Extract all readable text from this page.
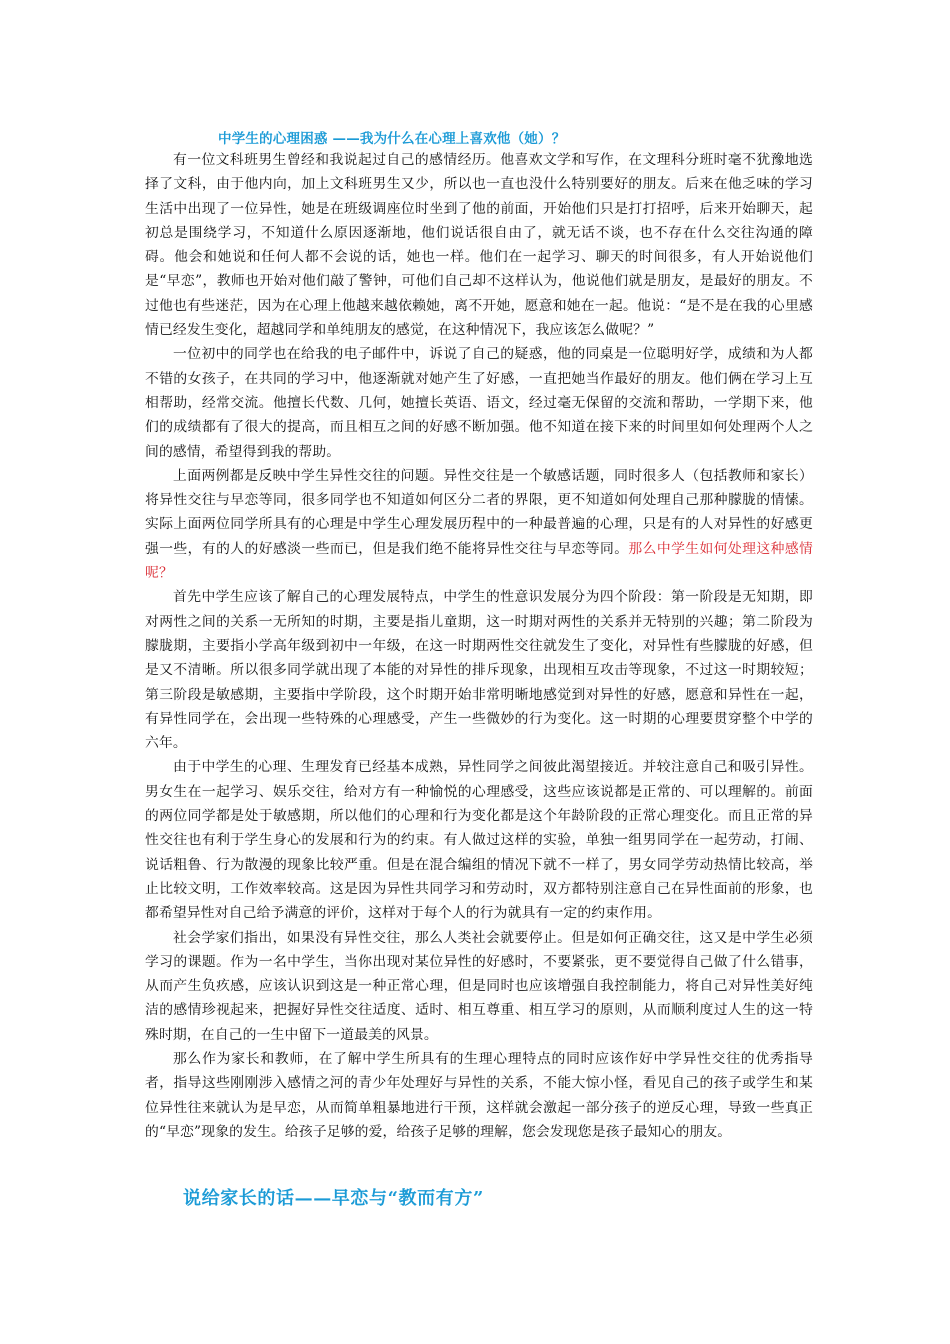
中学生的心理困惑 ——我为什么在心理上喜欢他（她）？

有一位文科班男生曾经和我说起过自己的感情经历。他喜欢文学和写作，在文理科分班时毫不犹豫地选择了文科，由于他内向，加上文科班男生又少，所以也一直也没什么特别要好的朋友。后来在他乏味的学习生活中出现了一位异性，她是在班级调座位时坐到了他的前面，开始他们只是打打招呼，后来开始聊天，起初总是围绕学习，不知道什么原因逐渐地，他们说话很自由了，就无话不谈，也不存在什么交往沟通的障碍。他会和她说和任何人都不会说的话，她也一样。他们在一起学习、聊天的时间很多，有人开始说他们是“早恋”，教师也开始对他们敲了警钟，可他们自己却不这样认为，他说他们就是朋友，是最好的朋友。不过他也有些迷茫，因为在心理上他越来越依赖她，离不开她，愿意和她在一起。他说：“是不是在我的心里感情已经发生变化，超越同学和单纯朋友的感觉，在这种情况下，我应该怎么做呢？”

一位初中的同学也在给我的电子邮件中，诉说了自己的疑惑，他的同桌是一位聪明好学，成绩和为人都不错的女孩子，在共同的学习中，他逐渐就对她产生了好感，一直把她当作最好的朋友。他们俩在学习上互相帮助，经常交流。他擅长代数、几何，她擅长英语、语文，经过毫无保留的交流和帮助，一学期下来，他们的成绩都有了很大的提高，而且相互之间的好感不断加强。他不知道在接下来的时间里如何处理两个人之间的感情，希望得到我的帮助。

上面两例都是反映中学生异性交往的问题。异性交往是一个敏感话题，同时很多人（包括教师和家长）将异性交往与早恋等同，很多同学也不知道如何区分二者的界限，更不知道如何处理自己那种朦胧的情愫。实际上面两位同学所具有的心理是中学生心理发展历程中的一种最普遍的心理，只是有的人对异性的好感更强一些，有的人的好感淡一些而已，但是我们绝不能将异性交往与早恋等同。那么中学生如何处理这种感情呢？

首先中学生应该了解自己的心理发展特点，中学生的性意识发展分为四个阶段：第一阶段是无知期，即对两性之间的关系一无所知的时期，主要是指儿童期，这一时期对两性的关系并无特别的兴趣；第二阶段为朦胧期，主要指小学高年级到初中一年级，在这一时期两性交往就发生了变化，对异性有些朦胧的好感，但是又不清晰。所以很多同学就出现了本能的对异性的排斥现象，出现相互攻击等现象，不过这一时期较短；第三阶段是敏感期，主要指中学阶段，这个时期开始非常明晰地感觉到对异性的好感，愿意和异性在一起，有异性同学在，会出现一些特殊的心理感受，产生一些微妙的行为变化。这一时期的心理要贯穿整个中学的六年。

由于中学生的心理、生理发育已经基本成熟，异性同学之间彼此渴望接近。并较注意自己和吸引异性。男女生在一起学习、娱乐交往，给对方有一种愉悦的心理感受，这些应该说都是正常的、可以理解的。前面的两位同学都是处于敏感期，所以他们的心理和行为变化都是这个年龄阶段的正常心理变化。而且正常的异性交往也有利于学生身心的发展和行为的约束。有人做过这样的实验，单独一组男同学在一起劳动，打闹、说话粗鲁、行为散漫的现象比较严重。但是在混合编组的情况下就不一样了，男女同学劳动热情比较高，举止比较文明，工作效率较高。这是因为异性共同学习和劳动时，双方都特别注意自己在异性面前的形象，也都希望异性对自己给予满意的评价，这样对于每个人的行为就具有一定的约束作用。

社会学家们指出，如果没有异性交往，那么人类社会就要停止。但是如何正确交往，这又是中学生必须学习的课题。作为一名中学生，当你出现对某位异性的好感时，不要紧张，更不要觉得自己做了什么错事，从而产生负疚感，应该认识到这是一种正常心理，但是同时也应该增强自我控制能力，将自己对异性美好纯洁的感情珍视起来，把握好异性交往适度、适时、相互尊重、相互学习的原则，从而顺利度过人生的这一特殊时期，在自己的一生中留下一道最美的风景。

那么作为家长和教师，在了解中学生所具有的生理心理特点的同时应该作好中学异性交往的优秀指导者，指导这些刚刚涉入感情之河的青少年处理好与异性的关系，不能大惊小怪，看见自己的孩子或学生和某位异性往来就认为是早恋，从而简单粗暴地进行干预，这样就会激起一部分孩子的逆反心理，导致一些真正的“早恋”现象的发生。给孩子足够的爱，给孩子足够的理解，您会发现您是孩子最知心的朋友。

说给家长的话——早恋与“教而有方”
